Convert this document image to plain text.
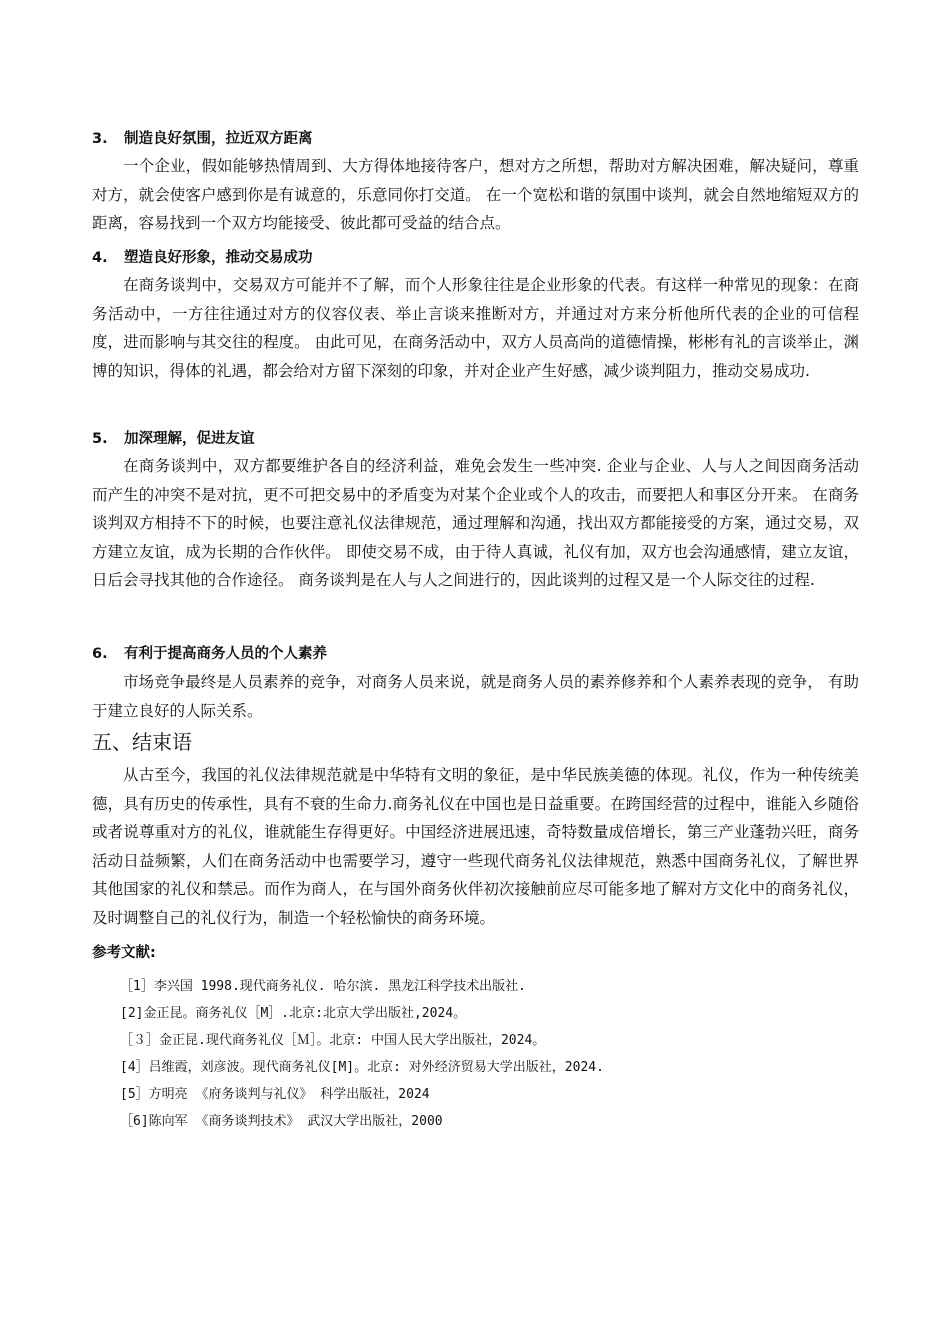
3. 制造良好氛围，拉近双方距离
一个企业，假如能够热情周到、大方得体地接待客户，想对方之所想，帮助对方解决困难，解决疑问，尊重对方，就会使客户感到你是有诚意的，乐意同你打交道。 在一个宽松和谐的氛围中谈判，就会自然地缩短双方的距离，容易找到一个双方均能接受、彼此都可受益的结合点。
4. 塑造良好形象，推动交易成功
在商务谈判中，交易双方可能并不了解，而个人形象往往是企业形象的代表。有这样一种常见的现象：在商务活动中，一方往往通过对方的仪容仪表、举止言谈来推断对方，并通过对方来分析他所代表的企业的可信程度，进而影响与其交往的程度。 由此可见，在商务活动中，双方人员高尚的道德情操，彬彬有礼的言谈举止，渊博的知识，得体的礼遇，都会给对方留下深刻的印象，并对企业产生好感，减少谈判阻力，推动交易成功.
5. 加深理解，促进友谊
在商务谈判中，双方都要维护各自的经济利益，难免会发生一些冲突. 企业与企业、人与人之间因商务活动而产生的冲突不是对抗，更不可把交易中的矛盾变为对某个企业或个人的攻击，而要把人和事区分开来。 在商务谈判双方相持不下的时候，也要注意礼仪法律规范，通过理解和沟通，找出双方都能接受的方案，通过交易，双方建立友谊，成为长期的合作伙伴。 即使交易不成，由于待人真诚，礼仪有加，双方也会沟通感情，建立友谊，日后会寻找其他的合作途径。 商务谈判是在人与人之间进行的，因此谈判的过程又是一个人际交往的过程.
6. 有利于提高商务人员的个人素养
市场竞争最终是人员素养的竞争，对商务人员来说，就是商务人员的素养修养和个人素养表现的竞争， 有助于建立良好的人际关系。
五、结束语
从古至今，我国的礼仪法律规范就是中华特有文明的象征，是中华民族美德的体现。礼仪，作为一种传统美德，具有历史的传承性，具有不衰的生命力.商务礼仪在中国也是日益重要。在跨国经营的过程中，谁能入乡随俗或者说尊重对方的礼仪，谁就能生存得更好。中国经济进展迅速，奇特数量成倍增长，第三产业蓬勃兴旺，商务活动日益频繁，人们在商务活动中也需要学习，遵守一些现代商务礼仪法律规范，熟悉中国商务礼仪，了解世界其他国家的礼仪和禁忌。而作为商人，在与国外商务伙伴初次接触前应尽可能多地了解对方文化中的商务礼仪，及时调整自己的礼仪行为，制造一个轻松愉快的商务环境。
参考文献:

［1］李兴国 1998.现代商务礼仪. 哈尔滨. 黑龙江科学技术出版社.

[2]金正昆。商务礼仪［M］.北京:北京大学出版社,2024。

［３］金正昆.现代商务礼仪［Ｍ］。北京: 中国人民大学出版社，2024。

[4］吕维霞，刘彦波。现代商务礼仪[M]。北京: 对外经济贸易大学出版社，2024.

[5］方明亮 《府务谈判与礼仪》 科学出版社，2024

［6]陈向军 《商务谈判技术》 武汉大学出版社，2000
